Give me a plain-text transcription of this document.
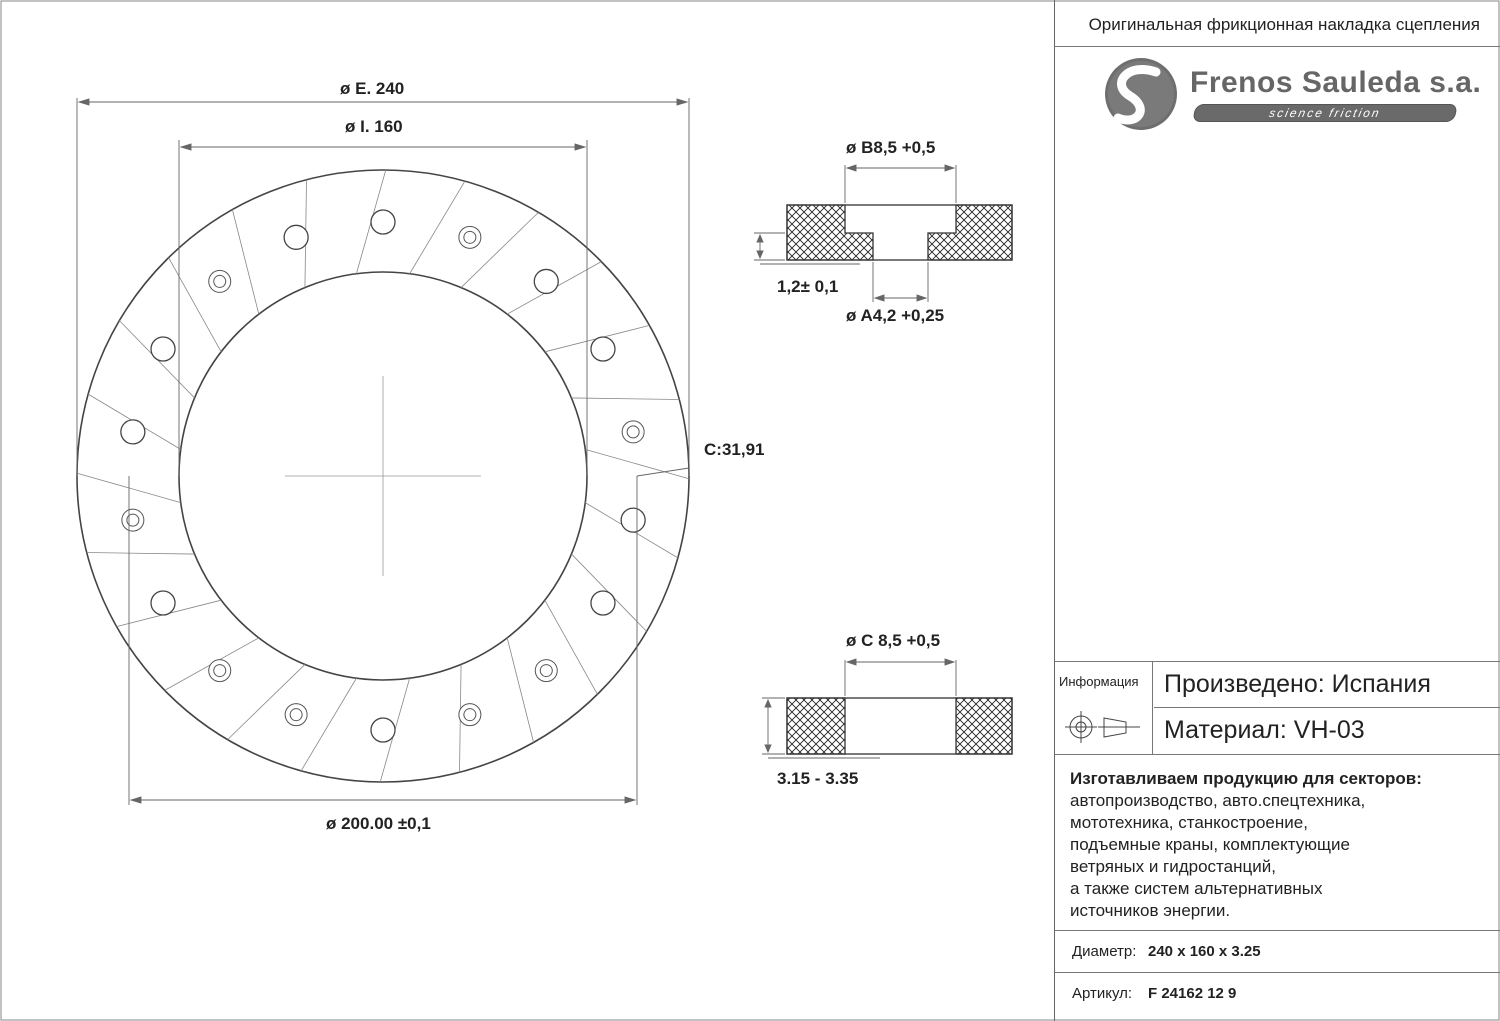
ø E. 240
ø I. 160
ø 200.00 ±0,1
C:31,91
ø B8,5 +0,5
1,2± 0,1
ø A4,2 +0,25
ø C 8,5 +0,5
3.15 - 3.35
Оригинальная фрикционная накладка сцепления
Frenos Sauleda s.a.
science friction
Информация Произведено: Испания
Материал: VH-03
Изготавливаем продукцию для секторов:
автопроизводство, авто.спецтехника,
мототехника, станкостроение,
подъемные краны, комплектующие
ветряных и гидростанций,
а также систем альтернативных
источников энергии.
Диаметр: 240 x 160 x 3.25
Артикул: F 24162 12 9
